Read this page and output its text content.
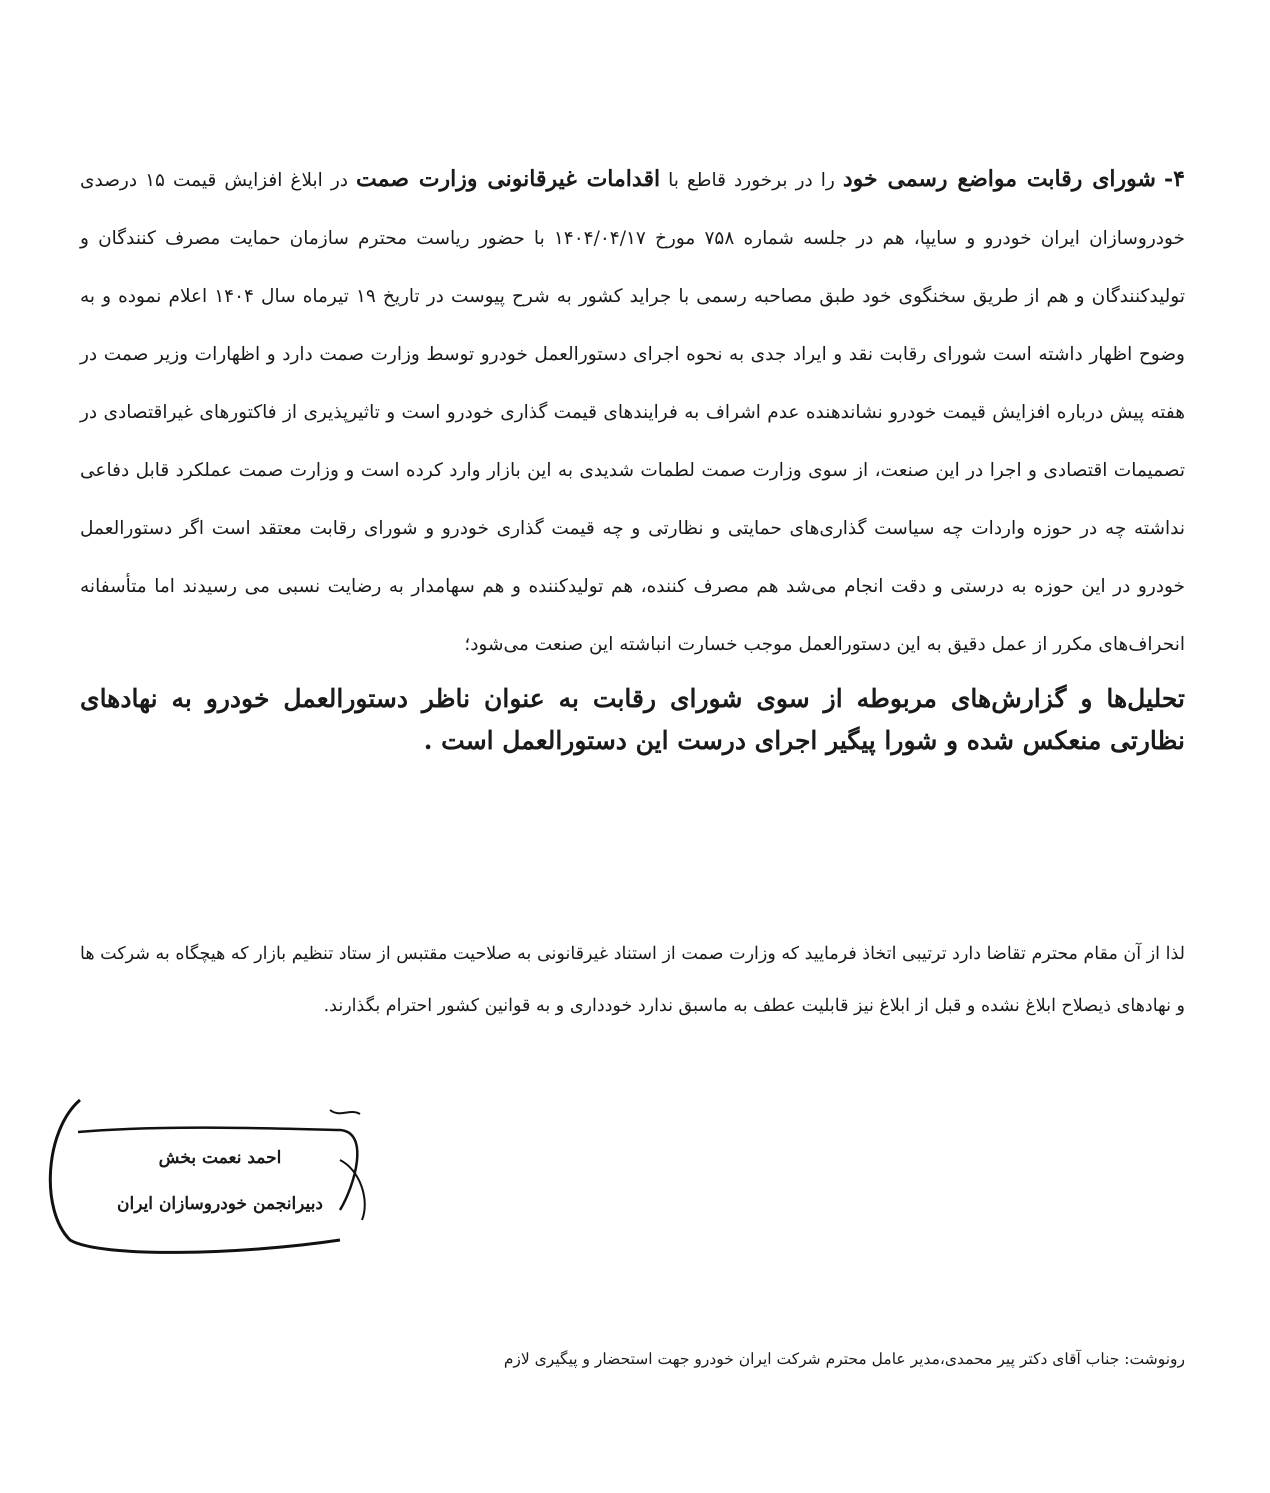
۴- شورای رقابت مواضع رسمی خود را در برخورد قاطع با اقدامات غیرقانونی وزارت صمت در ابلاغ افزایش قیمت ۱۵ درصدی خودروسازان ایران خودرو و سایپا، هم در جلسه شماره ۷۵۸ مورخ ۱۴۰۴/۰۴/۱۷ با حضور ریاست محترم سازمان حمایت مصرف کنندگان و تولیدکنندگان و هم از طریق سخنگوی خود طبق مصاحبه رسمی با جراید کشور به شرح پیوست در تاریخ ۱۹ تیرماه سال ۱۴۰۴ اعلام نموده و به وضوح اظهار داشته است شورای رقابت نقد و ایراد جدی به نحوه اجرای دستورالعمل خودرو توسط وزارت صمت دارد و اظهارات وزیر صمت در هفته پیش درباره افزایش قیمت خودرو نشاندهنده عدم اشراف به فرایندهای قیمت گذاری خودرو است و تاثیرپذیری از فاکتورهای غیراقتصادی در تصمیمات اقتصادی و اجرا در این صنعت، از سوی وزارت صمت لطمات شدیدی به این بازار وارد کرده است و وزارت صمت عملکرد قابل دفاعی نداشته چه در حوزه واردات چه سیاست گذاری‌های حمایتی و نظارتی و چه قیمت گذاری خودرو و شورای رقابت معتقد است اگر دستورالعمل خودرو در این حوزه به درستی و دقت انجام می‌شد هم مصرف کننده، هم تولیدکننده و هم سهامدار به رضایت نسبی می رسیدند اما متأسفانه انحراف‌های مکرر از عمل دقیق به این دستورالعمل موجب خسارت انباشته این صنعت می‌شود؛
تحلیل‌ها و گزارش‌های مربوطه از سوی شورای رقابت به عنوان ناظر دستورالعمل خودرو به نهادهای نظارتی منعکس شده و شورا پیگیر اجرای درست این دستورالعمل است .
لذا از آن مقام محترم تقاضا دارد ترتیبی اتخاذ فرمایید که وزارت صمت از استناد غیرقانونی به صلاحیت مقتبس از ستاد تنظیم بازار که هیچگاه به شرکت ها و نهادهای ذیصلاح ابلاغ نشده و قبل از ابلاغ نیز قابلیت عطف به ماسبق ندارد خودداری و به قوانین کشور احترام بگذارند.
احمد نعمت بخش
دبیرانجمن خودروسازان ایران
رونوشت: جناب آقای دکتر پیر محمدی،مدیر عامل محترم شرکت ایران خودرو جهت استحضار و پیگیری لازم
